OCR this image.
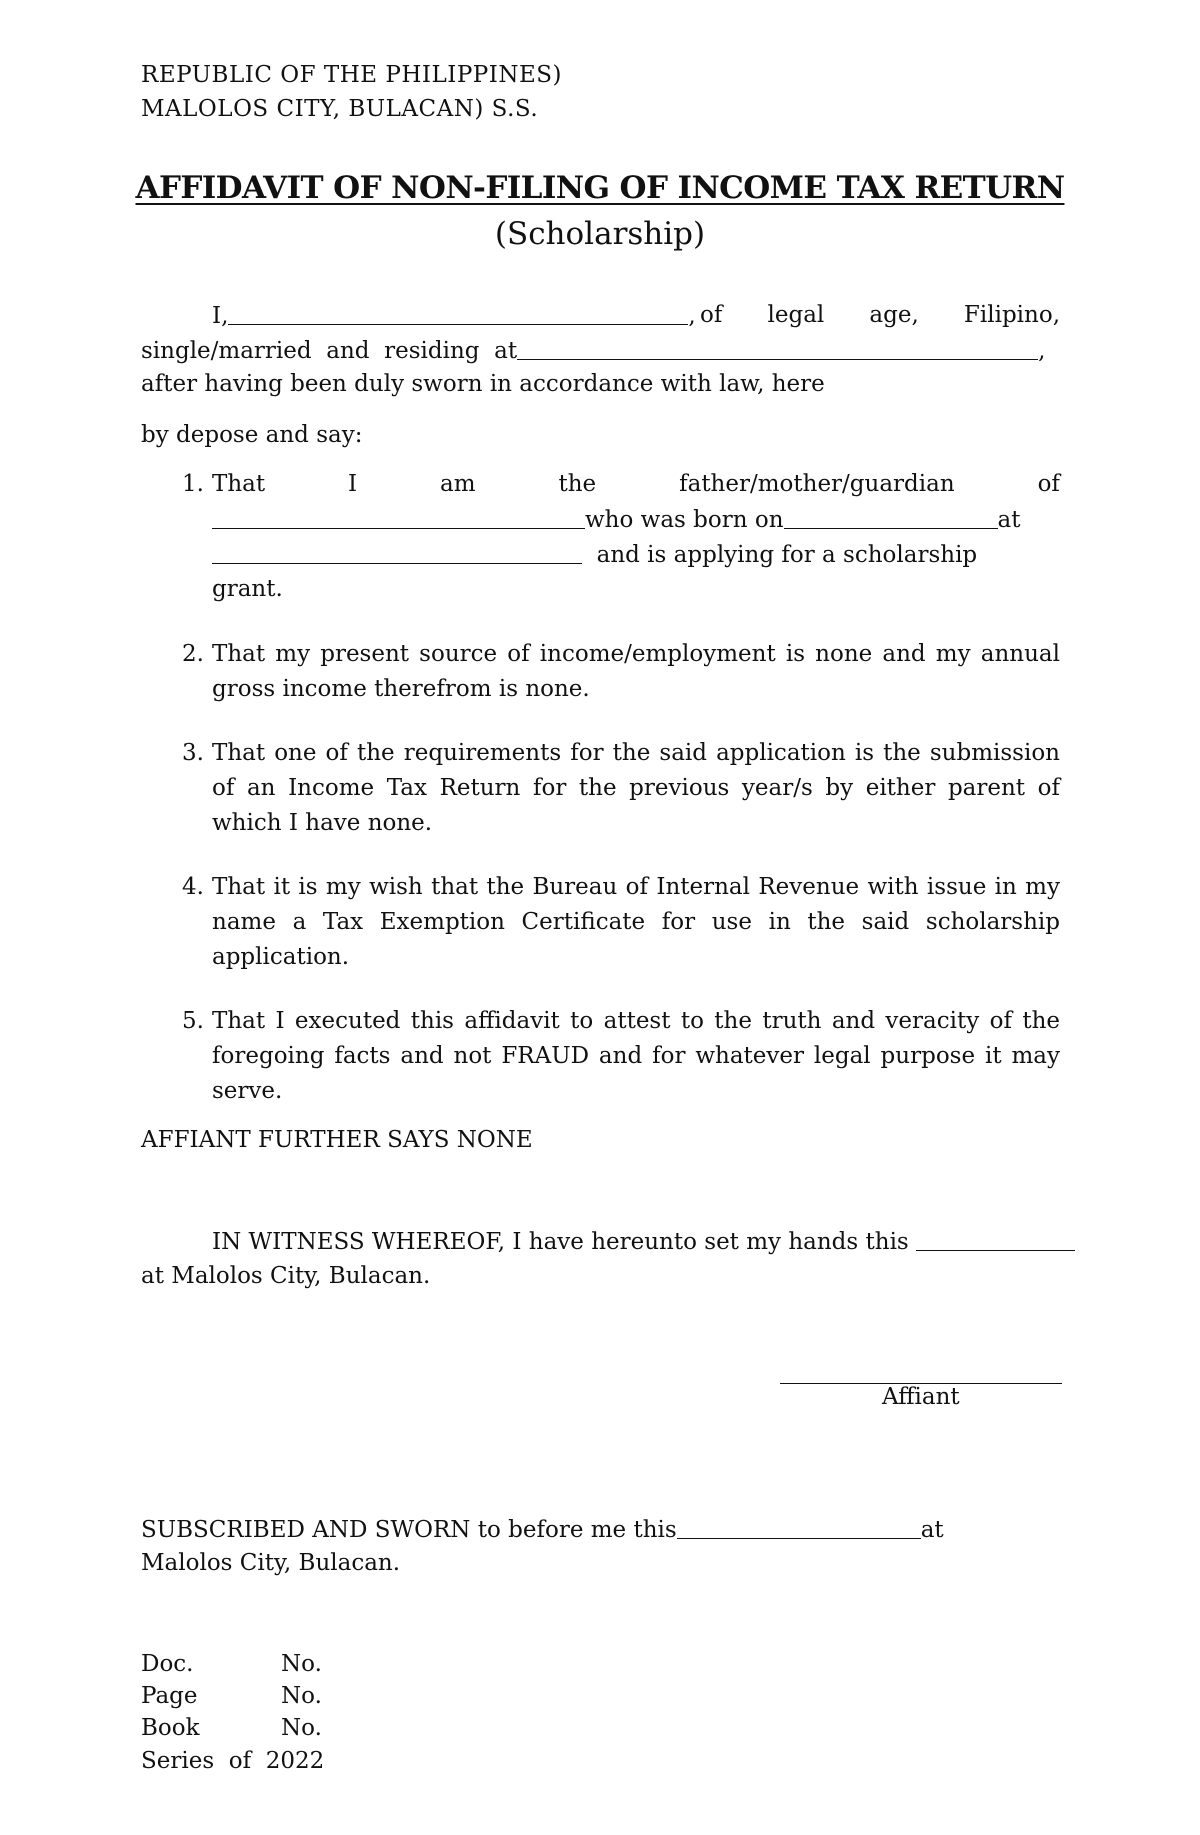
REPUBLIC OF THE PHILIPPINES)
MALOLOS CITY, BULACAN) S.S.
AFFIDAVIT OF NON-FILING OF INCOME TAX RETURN
(Scholarship)
I,	, of legal age, Filipino,
single/married  and  residing  at	,
after having been duly sworn in accordance with law, here
by depose and say:
1. That	I	am	the	father/mother/guardian	of
who was born on	at
and is applying for a scholarship
grant.
2. That my present source of income/employment is none and my annual gross income therefrom is none.
3. That one of the requirements for the said application is the submission of an Income Tax Return for the previous year/s by either parent of which I have none.
4. That it is my wish that the Bureau of Internal Revenue with issue in my name a Tax Exemption Certificate for use in the said scholarship application.
5. That I executed this affidavit to attest to the truth and veracity of the foregoing facts and not FRAUD and for whatever legal purpose it may serve.
AFFIANT FURTHER SAYS NONE
IN WITNESS WHEREOF, I have hereunto set my hands this
at Malolos City, Bulacan.
Affiant
SUBSCRIBED AND SWORN to before me this	at
Malolos City, Bulacan.
Doc.	No.
Page	No.
Book	No.
Series  of  2022
